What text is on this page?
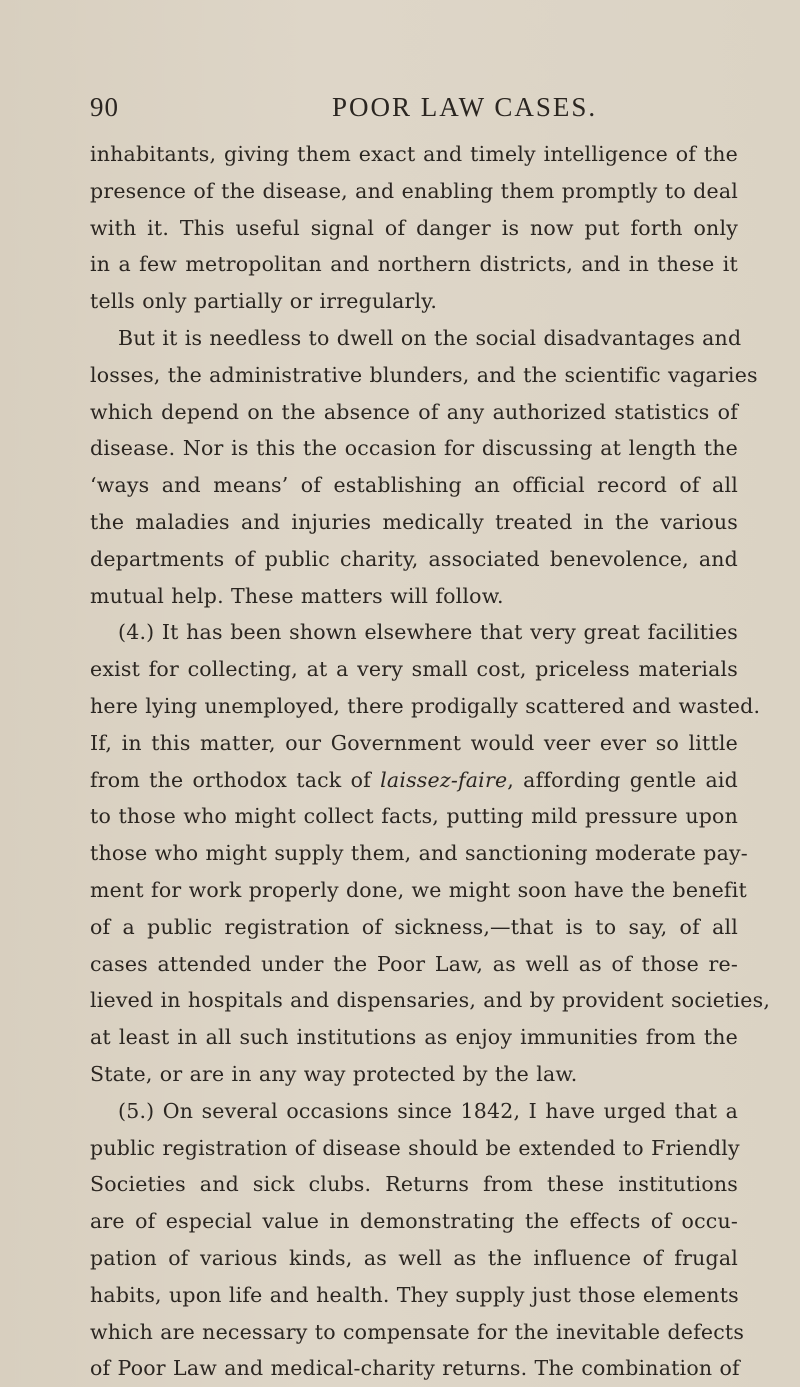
90	POOR LAW CASES.
inhabitants, giving them exact and timely intelligence of the
presence of the disease, and enabling them promptly to deal
with it. This useful signal of danger is now put forth only
in a few metropolitan and northern districts, and in these it
tells only partially or irregularly.
But it is needless to dwell on the social disadvantages and
losses, the administrative blunders, and the scientific vagaries
which depend on the absence of any authorized statistics of
disease. Nor is this the occasion for discussing at length the
‘ways and means’ of establishing an official record of all
the maladies and injuries medically treated in the various
departments of public charity, associated benevolence, and
mutual help. These matters will follow.
(4.) It has been shown elsewhere that very great facilities
exist for collecting, at a very small cost, priceless materials
here lying unemployed, there prodigally scattered and wasted.
If, in this matter, our Government would veer ever so little
from the orthodox tack of laissez-faire, affording gentle aid
to those who might collect facts, putting mild pressure upon
those who might supply them, and sanctioning moderate pay-
ment for work properly done, we might soon have the benefit
of a public registration of sickness,—that is to say, of all
cases attended under the Poor Law, as well as of those re-
lieved in hospitals and dispensaries, and by provident societies,
at least in all such institutions as enjoy immunities from the
State, or are in any way protected by the law.
(5.) On several occasions since 1842, I have urged that a
public registration of disease should be extended to Friendly
Societies and sick clubs. Returns from these institutions
are of especial value in demonstrating the effects of occu-
pation of various kinds, as well as the influence of frugal
habits, upon life and health. They supply just those elements
which are necessary to compensate for the inevitable defects
of Poor Law and medical-charity returns. The combination of
